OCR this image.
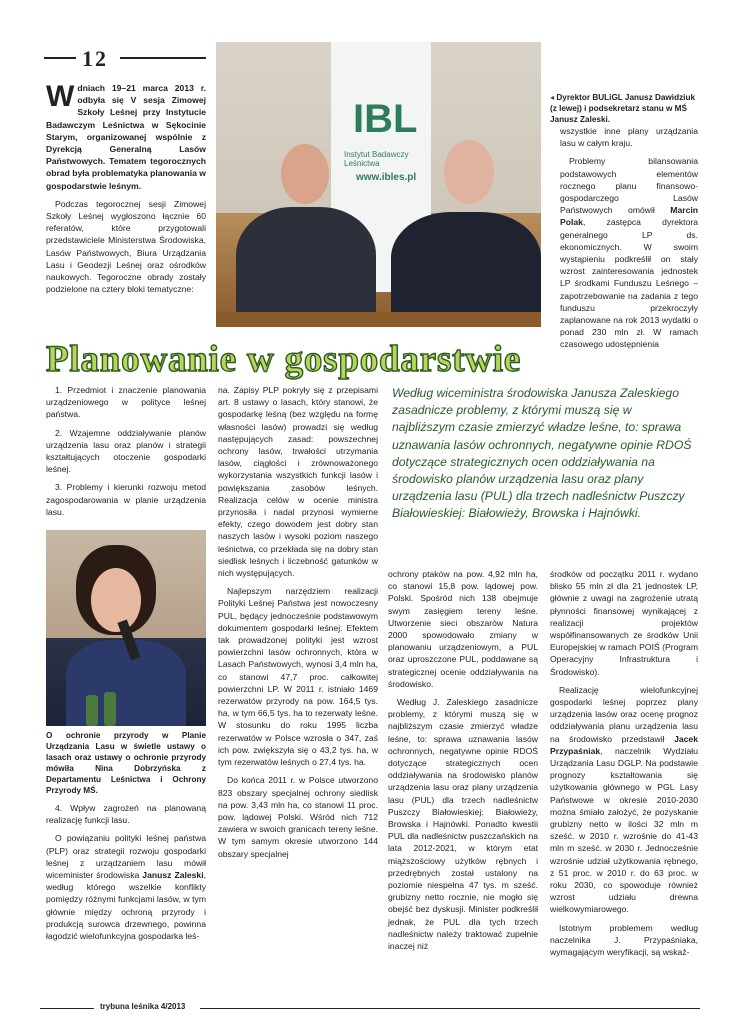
12

Wdniach 19–21 marca 2013 r. odbyła się V sesja Zimowej Szkoły Leśnej przy Instytucie Badawczym Leśnictwa w Sękocinie Starym, organizowanej wspólnie z Dyrekcją Generalną Lasów Państwowych. Tematem tegorocznych obrad była problematyka planowania w gospodarstwie leśnym.

Podczas tegorocznej sesji Zimowej Szkoły Leśnej wygłoszono łącznie 60 referatów, które przygotowali przedstawiciele Ministerstwa Środowiska, Lasów Państwowych, Biura Urządzania Lasu i Geodezji Leśnej oraz ośrodków naukowych. Tegoroczne obrady zostały podzielone na cztery bloki tematyczne:

IBL
Instytut Badawczy Leśnictwa
www.ibles.pl
◂ Dyrektor BULiGL Janusz Dawidziuk (z lewej) i podsekretarz stanu w MŚ Janusz Zaleski.

wszystkie inne plany urządzania lasu w całym kraju.

Problemy bilansowania podstawowych elementów rocznego planu finansowo-gospodarczego Lasów Państwowych omówił Marcin Polak, zastępca dyrektora generalnego LP ds. ekonomicznych. W swoim wystąpieniu podkreślił on stały wzrost zainteresowania jednostek LP środkami Funduszu Leśnego – zapotrzebowanie na zadania z tego funduszu przekroczyły zaplanowane na rok 2013 wydatki o ponad 230 mln zł. W ramach czasowego udostępnienia

Planowanie w gospodarstwie

1. Przedmiot i znaczenie planowania urządzeniowego w polityce leśnej państwa.

2. Wzajemne oddziaływanie planów urządzenia lasu oraz planów i strategii kształtujących otoczenie gospodarki leśnej.

3. Problemy i kierunki rozwoju metod zagospodarowania w planie urządzenia lasu.

O ochronie przyrody w Planie Urządzania Lasu w świetle ustawy o lasach oraz ustawy o ochronie przyrody mówiła Nina Dobrzyńska z Departamentu Leśnictwa i Ochrony Przyrody MŚ.

4. Wpływ zagrożeń na planowaną realizację funkcji lasu.

O powiązaniu polityki leśnej państwa (PLP) oraz strategii rozwoju gospodarki leśnej z urządzaniem lasu mówił wiceminister środowiska Janusz Zaleski, według którego wszelkie konflikty pomiędzy różnymi funkcjami lasów, w tym głównie między ochroną przyrody i produkcją surowca drzewnego, powinna łagodzić wielofunkcyjna gospodarka leś-

na. Zapisy PLP pokryły się z przepisami art. 8 ustawy o lasach, który stanowi, że gospodarkę leśną (bez względu na formę własności lasów) prowadzi się według następujących zasad: powszechnej ochrony lasów, trwałości utrzymania lasów, ciągłości i zrównoważonego wykorzystania wszystkich funkcji lasów i powiększania zasobów leśnych. Realizacja celów w ocenie ministra przynosiła i nadal przynosi wymierne efekty, czego dowodem jest dobry stan naszych lasów i wysoki poziom naszego leśnictwa, co przekłada się na dobry stan siedlisk leśnych i liczebność gatunków w nich występujących.

Najlepszym narzędziem realizacji Polityki Leśnej Państwa jest nowoczesny PUL, będący jednocześnie podstawowym dokumentem gospodarki leśnej. Efektem tak prowadzonej polityki jest wzrost powierzchni lasów ochronnych, która w Lasach Państwowych, wynosi 3,4 mln ha, co stanowi 47,7 proc. całkowitej powierzchni LP. W 2011 r. istniało 1469 rezerwatów przyrody na pow. 164,5 tys. ha, w tym 66,5 tys. ha to rezerwaty leśne. W stosunku do roku 1995 liczba rezerwatów w Polsce wzrosła o 347, zaś ich pow. zwiększyła się o 43,2 tys. ha, w tym rezerwatów leśnych o 27,4 tys. ha.

Do końca 2011 r. w Polsce utworzono 823 obszary specjalnej ochrony siedlisk na pow. 3,43 mln ha, co stanowi 11 proc. pow. lądowej Polski. Wśród nich 712 zawiera w swoich granicach tereny leśne. W tym samym okresie utworzono 144 obszary specjalnej

Według wiceministra środowiska Janusza Zaleskiego zasadnicze problemy, z którymi muszą się w najbliższym czasie zmierzyć władze leśne, to: sprawa uznawania lasów ochronnych, negatywne opinie RDOŚ dotyczące strategicznych ocen oddziaływania na środowisko planów urządzenia lasu oraz plany urządzenia lasu (PUL) dla trzech nadleśnictw Puszczy Białowieskiej: Białowieży, Browska i Hajnówki.

ochrony ptaków na pow. 4,92 mln ha, co stanowi 15,8 pow. lądowej pow. Polski. Spośród nich 138 obejmuje swym zasięgiem tereny leśne. Utworzenie sieci obszarów Natura 2000 spowodowało zmiany w planowaniu urządzeniowym, a PUL oraz uproszczone PUL, poddawane są strategicznej ocenie oddziaływania na środowisko.

Według J. Zaleskiego zasadnicze problemy, z którymi muszą się w najbliższym czasie zmierzyć władze leśne, to: sprawa uznawania lasów ochronnych, negatywne opinie RDOŚ dotyczące strategicznych ocen oddziaływania na środowisko planów urządzenia lasu oraz plany urządzenia lasu (PUL) dla trzech nadleśnictw Puszczy Białowieskiej: Białowieży, Browska i Hajnówki. Ponadto kwestii PUL dla nadleśnictw puszczańskich na lata 2012-2021, w którym etat miąższościowy użytków rębnych i przedrębnych został ustalony na poziomie niespełna 47 tys. m sześć. grubizny netto rocznie, nie mogło się obejść bez dyskusji. Minister podkreślił jednak, że PUL dla tych trzech nadleśnictw należy traktować zupełnie inaczej niż

środków od początku 2011 r. wydano blisko 55 mln zł dla 21 jednostek LP, głównie z uwagi na zagrożenie utratą płynności finansowej wynikającej z realizacji projektów współfinansowanych ze środków Unii Europejskiej w ramach POIŚ (Program Operacyjny Infrastruktura i Środowisko).

Realizację wielofunkcyjnej gospodarki leśnej poprzez plany urządzenia lasów oraz ocenę prognoz oddziaływania planu urządzenia lasu na środowisko przedstawił Jacek Przypaśniak, naczelnik Wydziału Urządzania Lasu DGLP. Na podstawie prognozy kształtowania się użytkowania głównego w PGL Lasy Państwowe w okresie 2010-2030 można śmiało założyć, że pozyskanie grubizny netto w ilości 32 mln m sześć. w 2010 r. wzrośnie do 41-43 mln m sześć. w 2030 r. Jednocześnie wzrośnie udział użytkowania rębnego, z 51 proc. w 2010 r. do 63 proc. w roku 2030, co spowoduje również wzrost udziału drewna wielkowymiarowego.

Istotnym problemem według naczelnika J. Przypaśniaka, wymagającym weryfikacji, są wskaź-

trybuna leśnika 4/2013
